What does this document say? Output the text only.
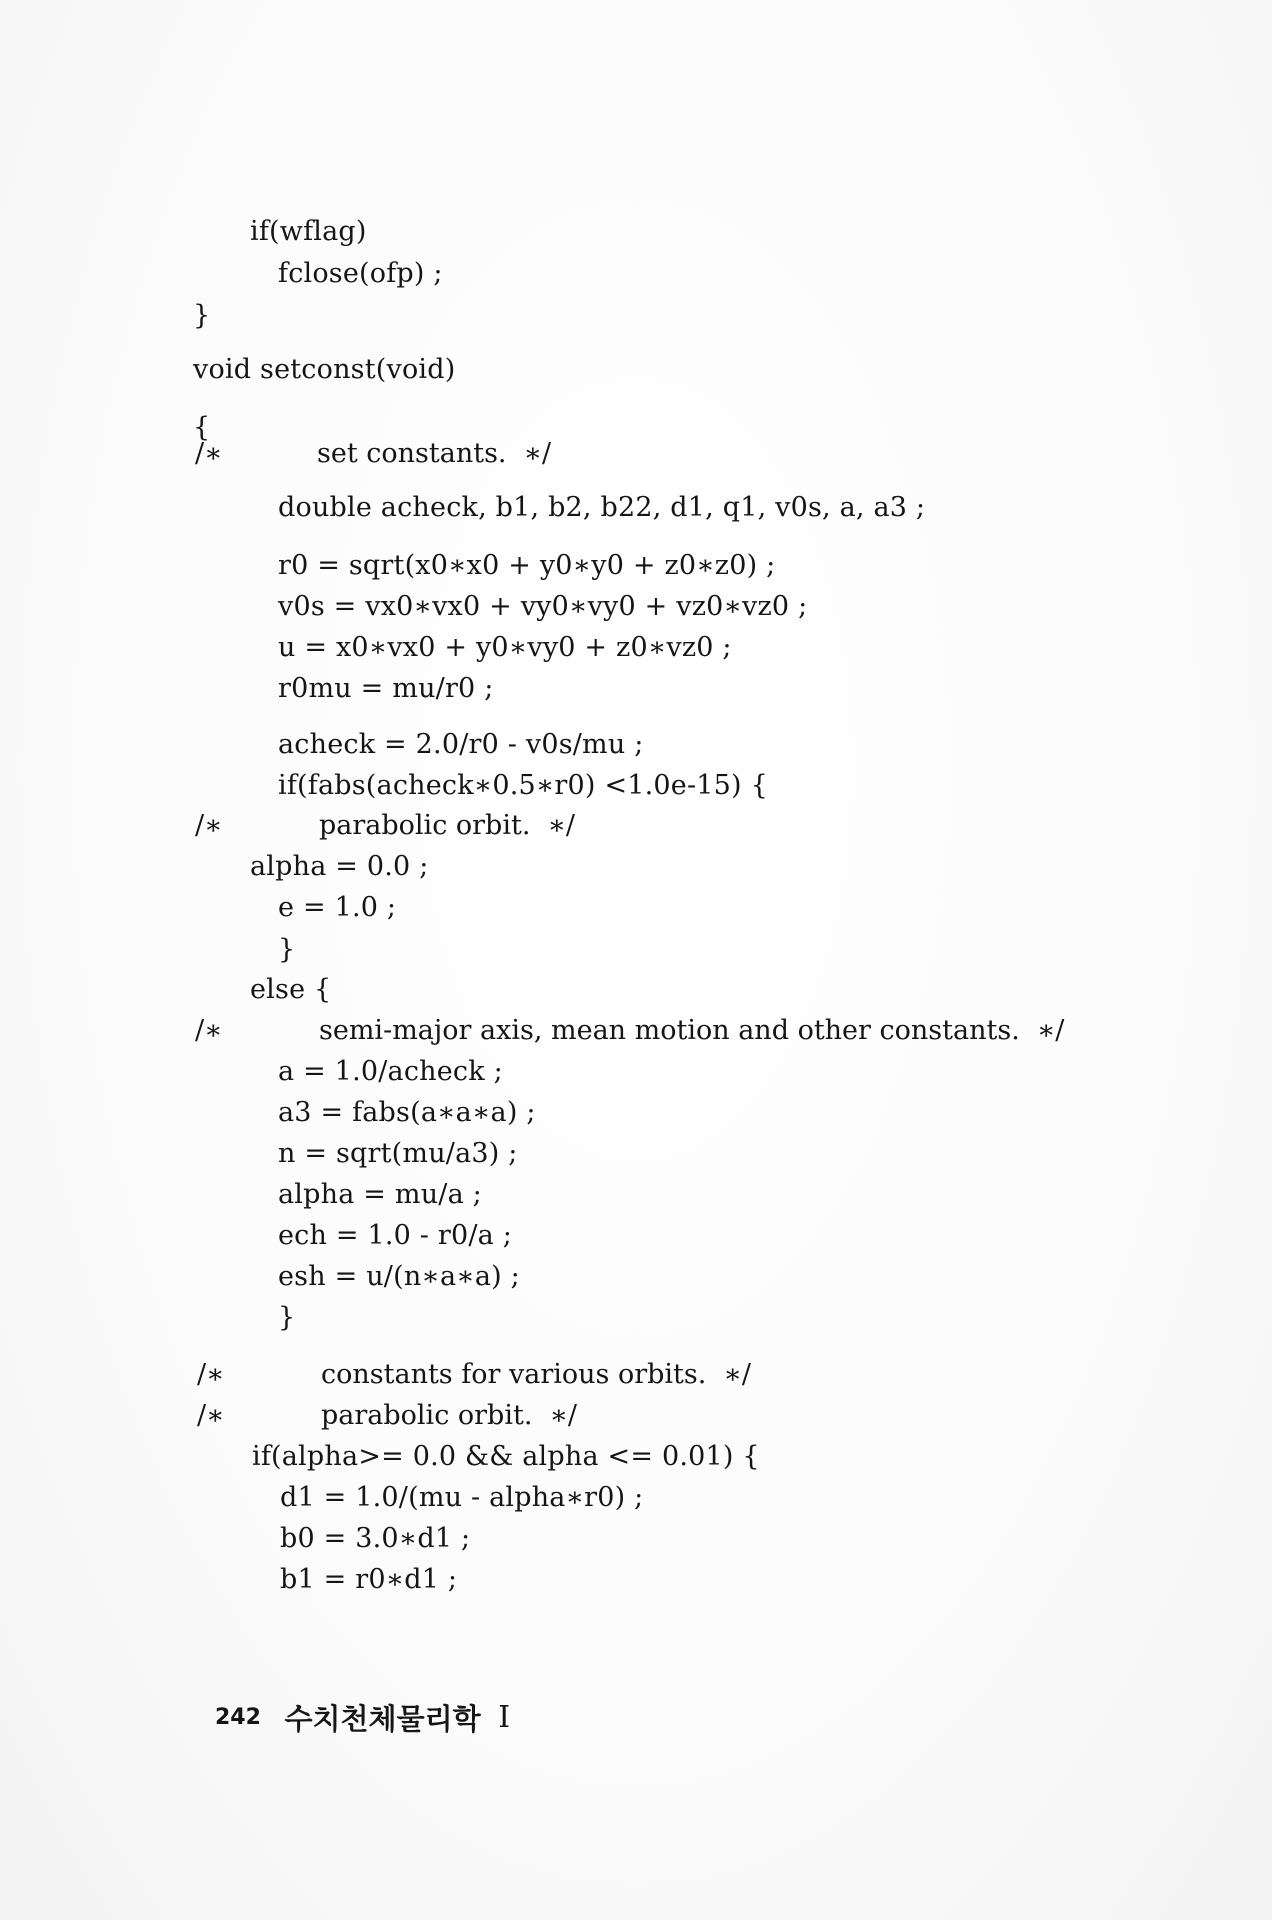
if(wflag)
fclose(ofp) ;
}
void setconst(void)
{

/∗

	set constants.  ∗/

double acheck, b1, b2, b22, d1, q1, v0s, a, a3 ;
r0 = sqrt(x0∗x0 + y0∗y0 + z0∗z0) ;
v0s = vx0∗vx0 + vy0∗vy0 + vz0∗vz0 ;
u = x0∗vx0 + y0∗vy0 + z0∗vz0 ;
r0mu = mu/r0 ;
acheck = 2.0/r0 - v0s/mu ;
if(fabs(acheck∗0.5∗r0) <1.0e-15) {

/∗

	parabolic orbit.  ∗/

alpha = 0.0 ;
e = 1.0 ;
}
else {

/∗

	semi-major axis, mean motion and other constants.  ∗/

a = 1.0/acheck ;
a3 = fabs(a∗a∗a) ;
n = sqrt(mu/a3) ;
alpha = mu/a ;
ech = 1.0 - r0/a ;
esh = u/(n∗a∗a) ;
}

/∗

	constants for various orbits.  ∗/

/∗

	parabolic orbit.  ∗/

if(alpha>= 0.0 && alpha <= 0.01) {
d1 = 1.0/(mu - alpha∗r0) ;
b0 = 3.0∗d1 ;
b1 = r0∗d1 ;
242 수치천체물리학 I
